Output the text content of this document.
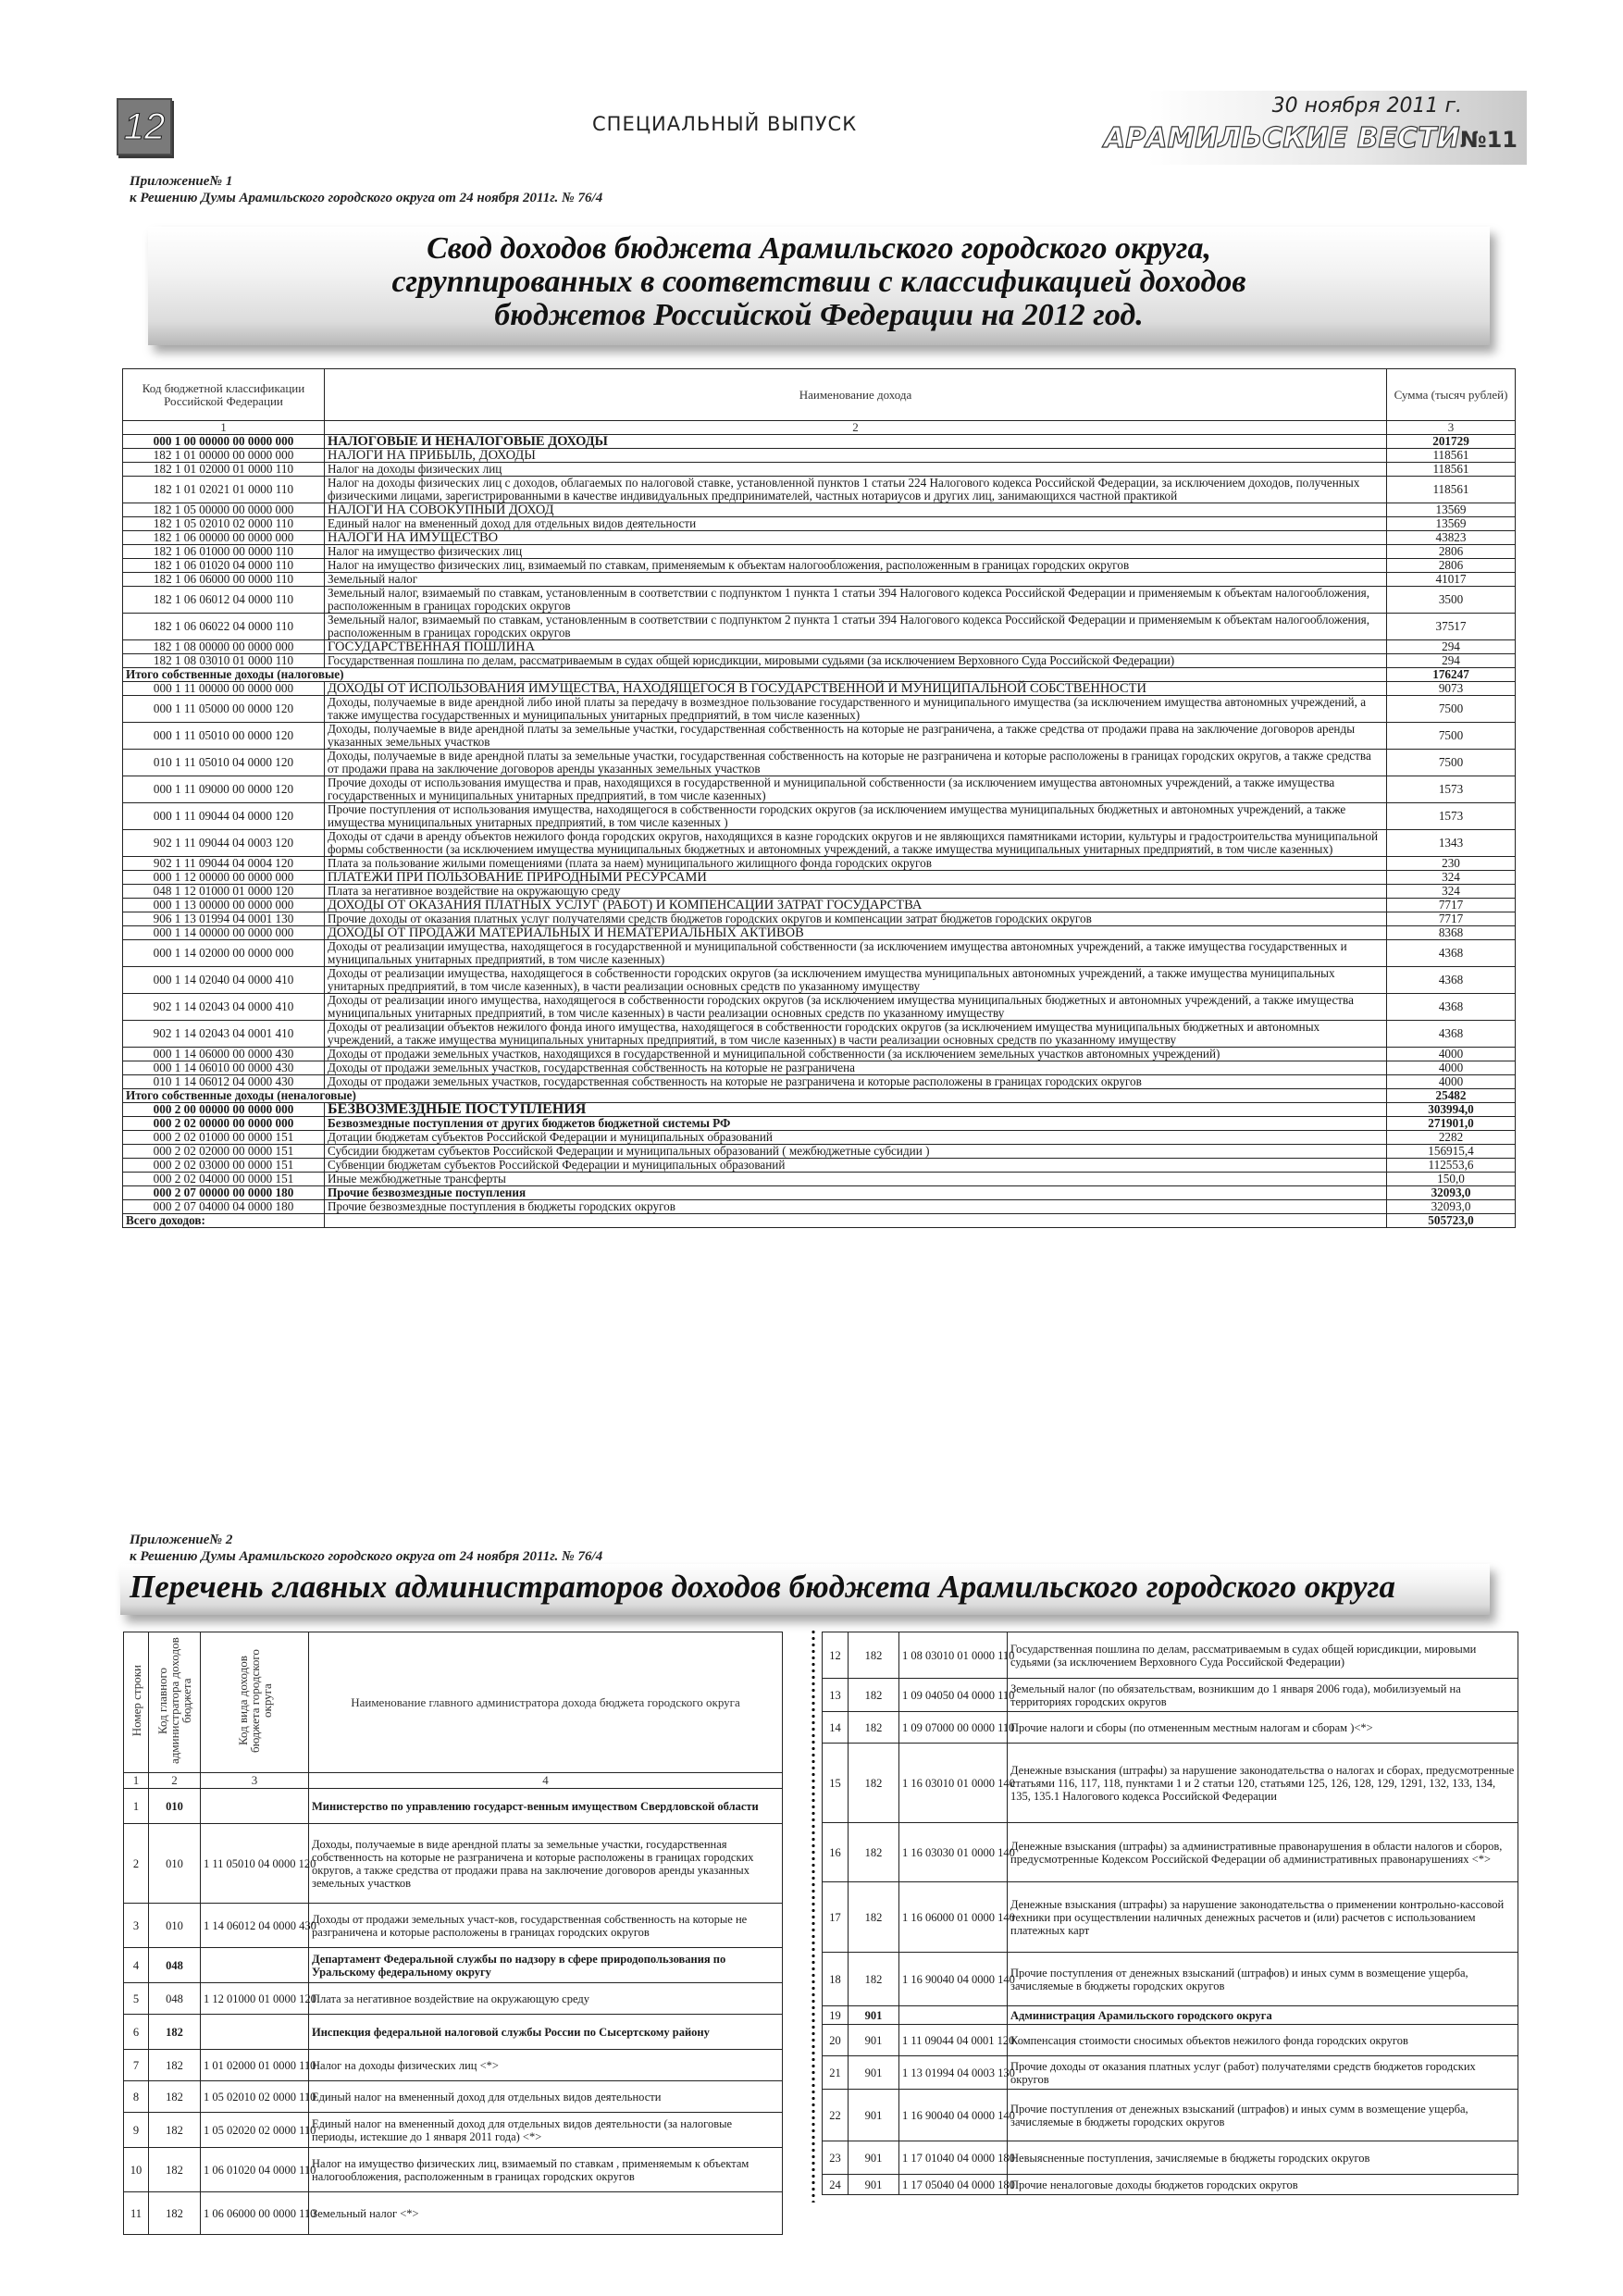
12	СПЕЦИАЛЬНЫЙ ВЫПУСК
30 ноября 2011 г.
АРАМИЛЬСКИЕ ВЕСТИ№11
Приложение№ 1
к Решению Думы Арамильского городского округа от 24 ноября 2011г. № 76/4
Свод доходов бюджета Арамильского городского округа,
сгруппированных в соответствии с классификацией доходов
бюджетов Российской Федерации на 2012 год.
Код бюджетной классификации Российской Федерации	Наименование дохода	Сумма (тысяч рублей)
1	2	3
000 1 00 00000 00 0000 000	НАЛОГОВЫЕ И НЕНАЛОГОВЫЕ ДОХОДЫ	201729
182 1 01 00000 00 0000 000	НАЛОГИ НА ПРИБЫЛЬ, ДОХОДЫ	118561
182 1 01 02000 01 0000 110	Налог на доходы физических лиц	118561
182 1 01 02021 01 0000 110	Налог на доходы физических лиц с доходов, облагаемых по налоговой ставке, установленной пунктов 1 статьи 224 Налогового кодекса Российской Федерации, за исключением доходов, полученных физическими лицами, зарегистрированными в качестве индивидуальных предпринимателей, частных нотариусов и других лиц, занимающихся частной практикой	118561
182 1 05 00000 00 0000 000	НАЛОГИ НА СОВОКУПНЫЙ ДОХОД	13569
182 1 05 02010 02 0000 110	Единый налог на вмененный доход для отдельных видов деятельности	13569
182 1 06 00000 00 0000 000	НАЛОГИ НА ИМУЩЕСТВО	43823
182 1 06 01000 00 0000 110	Налог на имущество физических лиц	2806
182 1 06 01020 04 0000 110	Налог на имущество физических лиц, взимаемый по ставкам, применяемым к объектам налогообложения, расположенным в границах городских округов	2806
182 1 06 06000 00 0000 110	Земельный налог	41017
182 1 06 06012 04 0000 110	Земельный налог, взимаемый по ставкам, установленным в соответствии с подпунктом 1 пункта 1 статьи 394 Налогового кодекса Российской Федерации и применяемым к объектам налогообложения, расположенным в границах городских округов	3500
182 1 06 06022 04 0000 110	Земельный налог, взимаемый по ставкам, установленным в соответствии с подпунктом 2 пункта 1 статьи 394 Налогового кодекса Российской Федерации и применяемым к объектам налогообложения, расположенным в границах городских округов	37517
182 1 08 00000 00 0000 000	ГОСУДАРСТВЕННАЯ ПОШЛИНА	294
182 1 08 03010 01 0000 110	Государственная пошлина по делам, рассматриваемым в судах общей юрисдикции, мировыми судьями (за исключением Верховного Суда Российской Федерации)	294
Итого собственные доходы (налоговые)		176247
000 1 11 00000 00 0000 000	ДОХОДЫ ОТ ИСПОЛЬЗОВАНИЯ ИМУЩЕСТВА, НАХОДЯЩЕГОСЯ В ГОСУДАРСТВЕННОЙ И МУНИЦИПАЛЬНОЙ СОБСТВЕННОСТИ	9073
000 1 11 05000 00 0000 120	Доходы, получаемые в виде арендной либо иной платы за передачу в возмездное пользование государственного и муниципального имущества (за исключением имущества автономных учреждений, а также имущества государственных и муниципальных унитарных предприятий, в том числе казенных)	7500
000 1 11 05010 00 0000 120	Доходы, получаемые в виде арендной платы за земельные участки, государственная собственность на которые не разграничена, а также средства от продажи права на заключение договоров аренды указанных земельных участков	7500
010 1 11 05010 04 0000 120	Доходы, получаемые в виде арендной платы за земельные участки, государственная собственность на которые не разграничена и которые расположены в границах городских округов, а также средства от продажи права на заключение договоров аренды указанных земельных участков	7500
000 1 11 09000 00 0000 120	Прочие доходы от использования имущества и прав, находящихся в государственной и муниципальной собственности (за исключением имущества автономных учреждений, а также имущества государственных и муниципальных унитарных предприятий, в том числе казенных)	1573
000 1 11 09044 04 0000 120	Прочие поступления от использования имущества, находящегося в собственности городских округов (за исключением имущества муниципальных бюджетных и автономных учреждений, а также имущества муниципальных унитарных предприятий, в том числе казенных )	1573
902 1 11 09044 04 0003 120	Доходы от сдачи в аренду объектов нежилого фонда городских округов, находящихся в казне городских округов и не являющихся памятниками истории, культуры и градостроительства муниципальной формы собственности (за исключением имущества муниципальных бюджетных и автономных учреждений, а также имущества муниципальных унитарных предприятий, в том числе казенных)	1343
902 1 11 09044 04 0004 120	Плата за пользование жилыми помещениями (плата за наем) муниципального жилищного фонда городских округов	230
000 1 12 00000 00 0000 000	ПЛАТЕЖИ ПРИ ПОЛЬЗОВАНИЕ ПРИРОДНЫМИ РЕСУРСАМИ	324
048 1 12 01000 01 0000 120	Плата за негативное воздействие на окружающую среду	324
000 1 13 00000 00 0000 000	ДОХОДЫ ОТ ОКАЗАНИЯ ПЛАТНЫХ УСЛУГ (РАБОТ) И КОМПЕНСАЦИИ ЗАТРАТ ГОСУДАРСТВА	7717
906 1 13 01994 04 0001 130	Прочие доходы от оказания платных услуг получателями средств бюджетов городских округов и компенсации затрат бюджетов городских округов	7717
000 1 14 00000 00 0000 000	ДОХОДЫ ОТ ПРОДАЖИ МАТЕРИАЛЬНЫХ И НЕМАТЕРИАЛЬНЫХ АКТИВОВ	8368
000 1 14 02000 00 0000 000	Доходы от реализации имущества, находящегося в государственной и муниципальной собственности (за исключением имущества автономных учреждений, а также имущества государственных и муниципальных унитарных предприятий, в том числе казенных)	4368
000 1 14 02040 04 0000 410	Доходы от реализации имущества, находящегося в собственности городских округов (за исключением имущества муниципальных автономных учреждений, а также имущества муниципальных унитарных предприятий, в том числе казенных), в части реализации основных средств по указанному имуществу	4368
902 1 14 02043 04 0000 410	Доходы от реализации иного имущества, находящегося в собственности городских округов (за исключением имущества муниципальных бюджетных и автономных учреждений, а также имущества муниципальных унитарных предприятий, в том числе казенных) в части реализации основных средств по указанному имуществу	4368
902 1 14 02043 04 0001 410	Доходы от реализации объектов нежилого фонда иного имущества, находящегося в собственности городских округов (за исключением имущества муниципальных бюджетных и автономных учреждений, а также имущества муниципальных унитарных предприятий, в том числе казенных) в части реализации основных средств по указанному имуществу	4368
000 1 14 06000 00 0000 430	Доходы от продажи земельных участков, находящихся в государственной и муниципальной собственности (за исключением земельных участков автономных учреждений)	4000
000 1 14 06010 00 0000 430	Доходы от продажи земельных участков, государственная собственность на которые не разграничена	4000
010 1 14 06012 04 0000 430	Доходы от продажи земельных участков, государственная собственность на которые не разграничена и которые расположены в границах городских округов	4000
Итого собственные доходы (неналоговые)		25482
000 2 00 00000 00 0000 000	БЕЗВОЗМЕЗДНЫЕ ПОСТУПЛЕНИЯ	303994,0
000 2 02 00000 00 0000 000	Безвозмездные поступления от других бюджетов бюджетной системы РФ	271901,0
000 2 02 01000 00 0000 151	Дотации бюджетам субъектов Российской Федерации и муниципальных образований	2282
000 2 02 02000 00 0000 151	Субсидии бюджетам субъектов Российской Федерации и муниципальных образований ( межбюджетные субсидии )	156915,4
000 2 02 03000 00 0000 151	Субвенции бюджетам субъектов Российской Федерации и муниципальных образований	112553,6
000 2 02 04000 00 0000 151	Иные межбюджетные трансферты	150,0
000 2 07 00000 00 0000 180	Прочие безвозмездные поступления	32093,0
000 2 07 04000 04 0000 180	Прочие безвозмездные поступления в бюджеты городских округов	32093,0
Всего доходов:		505723,0
Приложение№ 2
к Решению Думы Арамильского городского округа от 24 ноября 2011г. № 76/4
Перечень главных администраторов доходов бюджета Арамильского городского округа
Номер строки	Код главного администратора доходов бюджета	Код вида доходов бюджета городского округа	Наименование главного администратора дохода бюджета городского округа
1	2	3	4
1	010		Министерство по управлению государст-венным имуществом Свердловской области
2	010	1 11 05010 04 0000 120	Доходы, получаемые в виде арендной платы за земельные участки, государственная собственность на которые не разграничена и которые расположены в границах городских округов, а также средства от продажи права на заключение договоров аренды указанных земельных участков
3	010	1 14 06012 04 0000 430	Доходы от продажи земельных участ-ков, государственная собственность на которые не разграничена и которые расположены в границах городских округов
4	048		Департамент Федеральной службы по надзору в сфере природопользования по Уральскому федеральному округу
5	048	1 12 01000 01 0000 120	Плата за негативное воздействие на окружающую среду
6	182		Инспекция федеральной налоговой службы России по Сысертскому району
7	182	1 01 02000 01 0000 110	Налог на доходы физических лиц <*>
8	182	1 05 02010 02 0000 110	Единый налог на вмененный доход для отдельных видов деятельности
9	182	1 05 02020 02 0000 110	Единый налог на вмененный доход для отдельных видов деятельности (за налоговые периоды, истекшие до 1 января 2011 года) <*>
10	182	1 06 01020 04 0000 110	Налог на имущество физических лиц, взимаемый по ставкам , применяемым к объектам налогообложения, расположенным в границах городских округов
11	182	1 06 06000 00 0000 110	Земельный налог <*>
12	182	1 08 03010 01 0000 110	Государственная пошлина по делам, рассматриваемым в судах общей юрисдикции, мировыми судьями (за исключением Верховного Суда Российской Федерации)
13	182	1 09 04050 04 0000 110	Земельный налог (по обязательствам, возникшим до 1 января 2006 года), мобилизуемый на территориях городских округов
14	182	1 09 07000 00 0000 110	Прочие налоги и сборы (по отмененным местным налогам и сборам )<*>
15	182	1 16 03010 01 0000 140	Денежные взыскания (штрафы) за нарушение законодательства о налогах и сборах, предусмотренные статьями 116, 117, 118, пунктами 1 и 2 статьи 120, статьями 125, 126, 128, 129, 1291, 132, 133, 134, 135, 135.1 Налогового кодекса Российской Федерации
16	182	1 16 03030 01 0000 140	Денежные взыскания (штрафы) за административные правонарушения в области налогов и сборов, предусмотренные Кодексом Российской Федерации об административных правонарушениях <*>
17	182	1 16 06000 01 0000 140	Денежные взыскания (штрафы) за нарушение законодательства о применении контрольно-кассовой техники при осуществлении наличных денежных расчетов и (или) расчетов с использованием платежных карт
18	182	1 16 90040 04 0000 140	Прочие поступления от денежных взысканий (штрафов) и иных сумм в возмещение ущерба, зачисляемые в бюджеты городских округов
19	901		Администрация Арамильского городского округа
20	901	1 11 09044 04 0001 120	Компенсация стоимости сносимых объектов нежилого фонда городских округов
21	901	1 13 01994 04 0003 130	Прочие доходы от оказания платных услуг (работ) получателями средств бюджетов городских округов
22	901	1 16 90040 04 0000 140	Прочие поступления от денежных взысканий (штрафов) и иных сумм в возмещение ущерба, зачисляемые в бюджеты городских округов
23	901	1 17 01040 04 0000 180	Невыясненные поступления, зачисляемые в бюджеты городских округов
24	901	1 17 05040 04 0000 180	Прочие неналоговые доходы бюджетов городских округов
